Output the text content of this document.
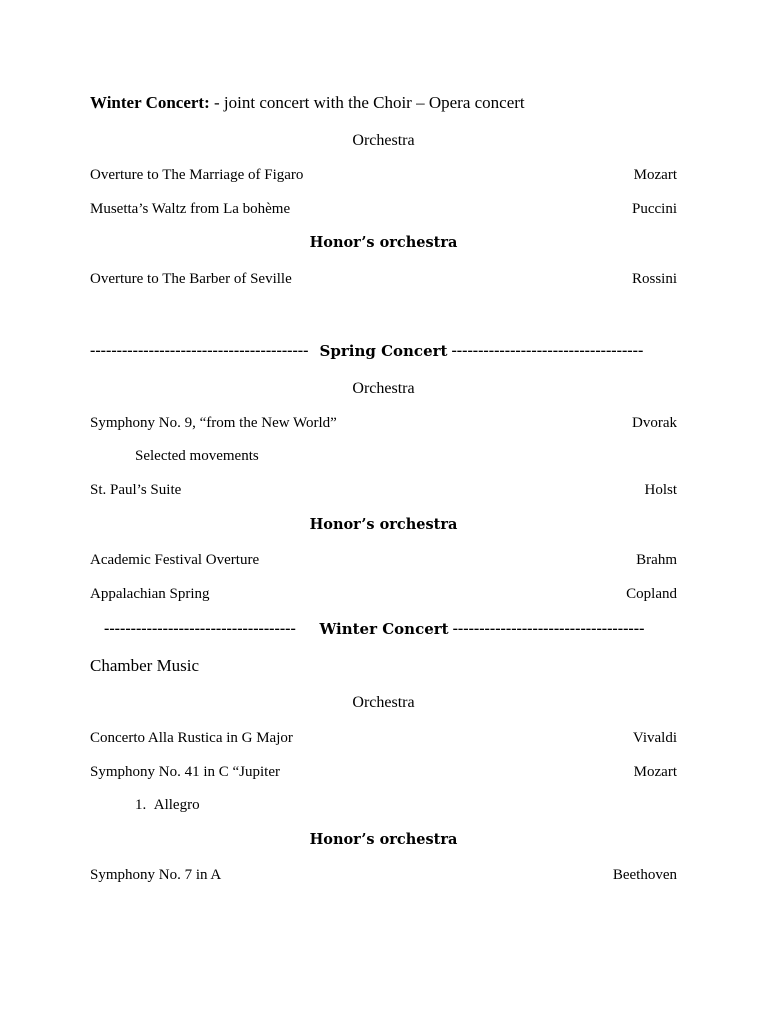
Winter Concert: - joint concert with the Choir – Opera concert
Orchestra
Overture to The Marriage of Figaro	Mozart
Musetta’s Waltz from La bohème	Puccini
Honor’s orchestra
Overture to The Barber of Seville	Rossini
----------------------------------------- Spring Concert ------------------------------------
Orchestra
Symphony No. 9, “from the New World”	Dvorak
Selected movements
St. Paul’s Suite	Holst
Honor’s orchestra
Academic Festival Overture	Brahm
Appalachian Spring	Copland
------------------------------------	Winter Concert ------------------------------------
Chamber Music
Orchestra
Concerto Alla Rustica in G Major	Vivaldi
Symphony No. 41 in C “Jupiter	Mozart
1.  Allegro
Honor’s orchestra
Symphony No. 7 in A	Beethoven
